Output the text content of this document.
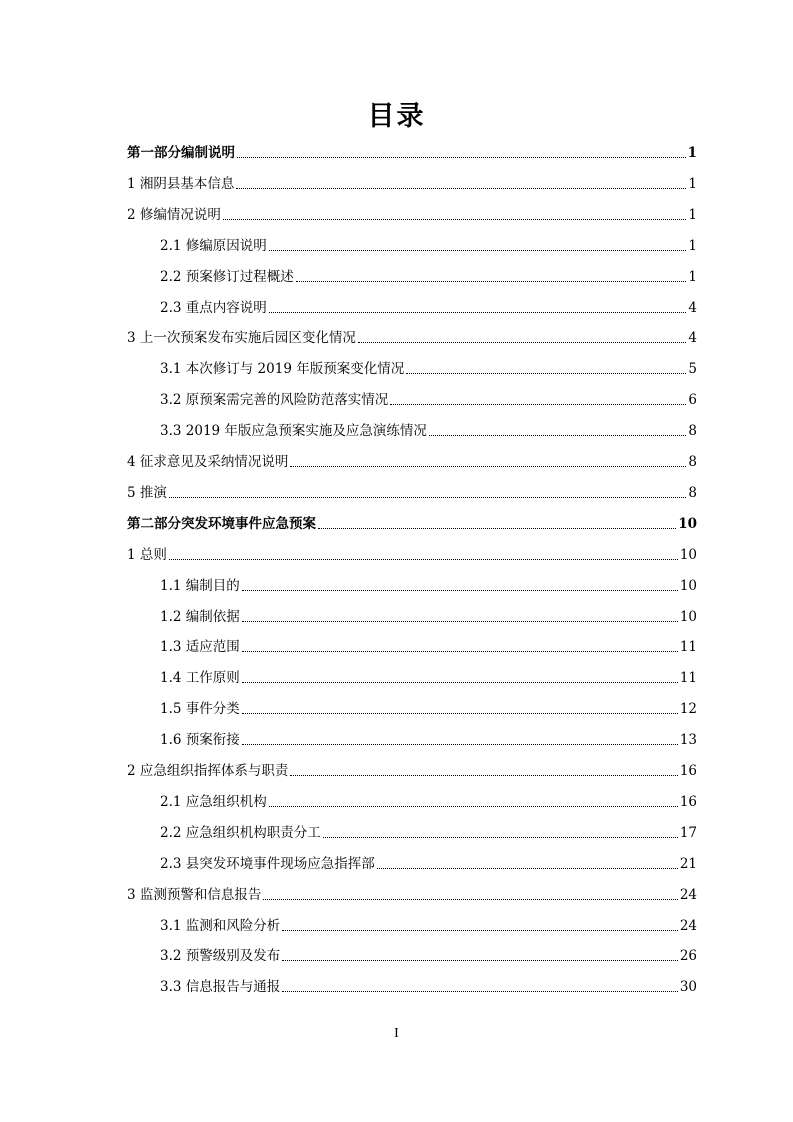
目录
第一部分编制说明	1
1 湘阴县基本信息	1
2 修编情况说明	1
2.1 修编原因说明	1
2.2 预案修订过程概述	1
2.3 重点内容说明	4
3 上一次预案发布实施后园区变化情况	4
3.1 本次修订与 2019 年版预案变化情况	5
3.2 原预案需完善的风险防范落实情况	6
3.3 2019 年版应急预案实施及应急演练情况	8
4 征求意见及采纳情况说明	8
5 推演	8
第二部分突发环境事件应急预案	10
1 总则	10
1.1 编制目的	10
1.2 编制依据	10
1.3 适应范围	11
1.4 工作原则	11
1.5 事件分类	12
1.6 预案衔接	13
2 应急组织指挥体系与职责	16
2.1 应急组织机构	16
2.2 应急组织机构职责分工	17
2.3 县突发环境事件现场应急指挥部	21
3 监测预警和信息报告	24
3.1 监测和风险分析	24
3.2 预警级别及发布	26
3.3 信息报告与通报	30
I
